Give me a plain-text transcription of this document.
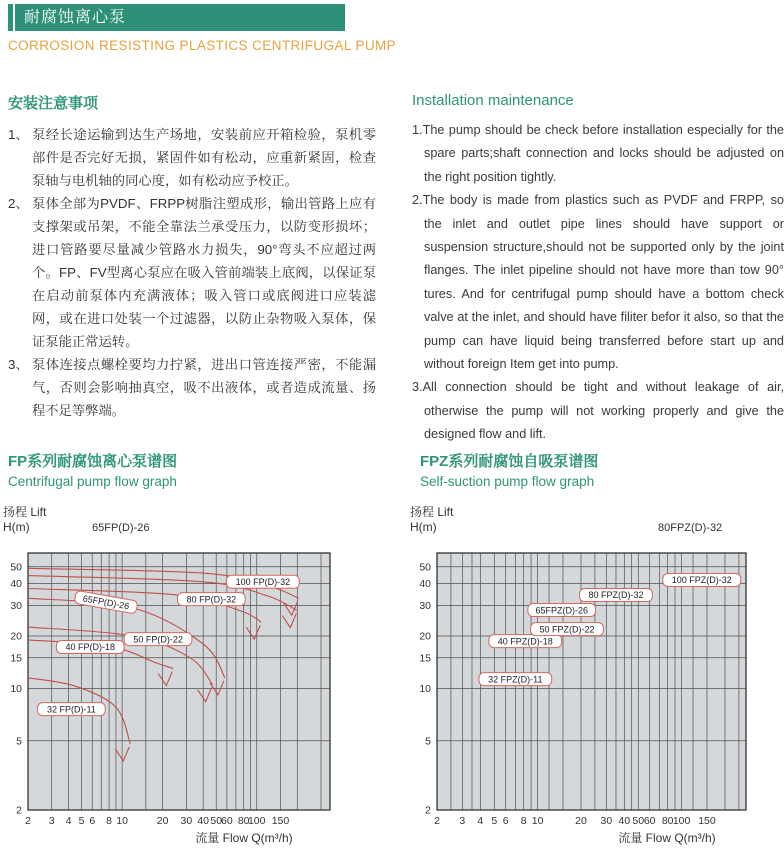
耐腐蚀离心泵
CORROSION RESISTING PLASTICS CENTRIFUGAL PUMP
安装注意事项
1、 泵经长途运输到达生产场地，安装前应开箱检验，泵机零部件是否完好无损，紧固件如有松动，应重新紧固，检查泵轴与电机轴的同心度，如有松动应予校正。
2、 泵体全部为PVDF、FRPP树脂注塑成形，输出管路上应有支撑架或吊架，不能全靠法兰承受压力，以防变形损坏；进口管路要尽量减少管路水力损失，90°弯头不应超过两个。FP、FV型离心泵应在吸入管前端装上底阀，以保证泵在启动前泵体内充满液体；吸入管口或底阀进口应装滤网，或在进口处装一个过滤器，以防止杂物吸入泵体，保证泵能正常运转。
3、 泵体连接点螺栓要均力拧紧，进出口管连接严密，不能漏气，否则会影响抽真空，吸不出液体，或者造成流量、扬程不足等弊端。
Installation maintenance

1.The pump should be check before installation especially for the spare parts;shaft connection and locks should be adjusted on the right position tightly.

2.The body is made from plastics such as PVDF and FRPP, so the inlet and outlet pipe lines should have support or suspension structure,should not be supported only by the joint flanges. The inlet pipeline should not have more than tow 90° tures. And for centrifugal pump should have a bottom check valve at the inlet, and should have filiter befor it also, so that the pump can have liquid being transferred before start up and without foreign Item get into pump.

3.All connection should be tight and without leakage of air, otherwise the pump will not working properly and give the designed flow and lift.

FP系列耐腐蚀离心泵谱图

Centrifugal pump flow graph

FPZ系列耐腐蚀自吸泵谱图

Self-suction pump flow graph

32 FP(D)-11
40 FP(D)-18
50 FP(D)-22
65FP(D)-26	80 FP(D)-32
100 FP(D)-32
2
5
10
15
20
30
40
50
2 3 4 5 6 8 10	20 30 40 50
60 80
100 150
扬程 Lift
H(m)
流量 Flow Q(m³/h)
65FP(D)-26
32 FPZ(D)-11
40 FPZ(D)-18
50 FPZ(D)-22
65FPZ(D)-26
80 FPZ(D)-32
100 FPZ(D)-32
2
5
10
15
20
30
40
50
2 3 4 5 6 8 10	20 30 40 50 60 80 100 150
扬程 Lift
H(m)
流量 Flow Q(m³/h)
80FPZ(D)-32
